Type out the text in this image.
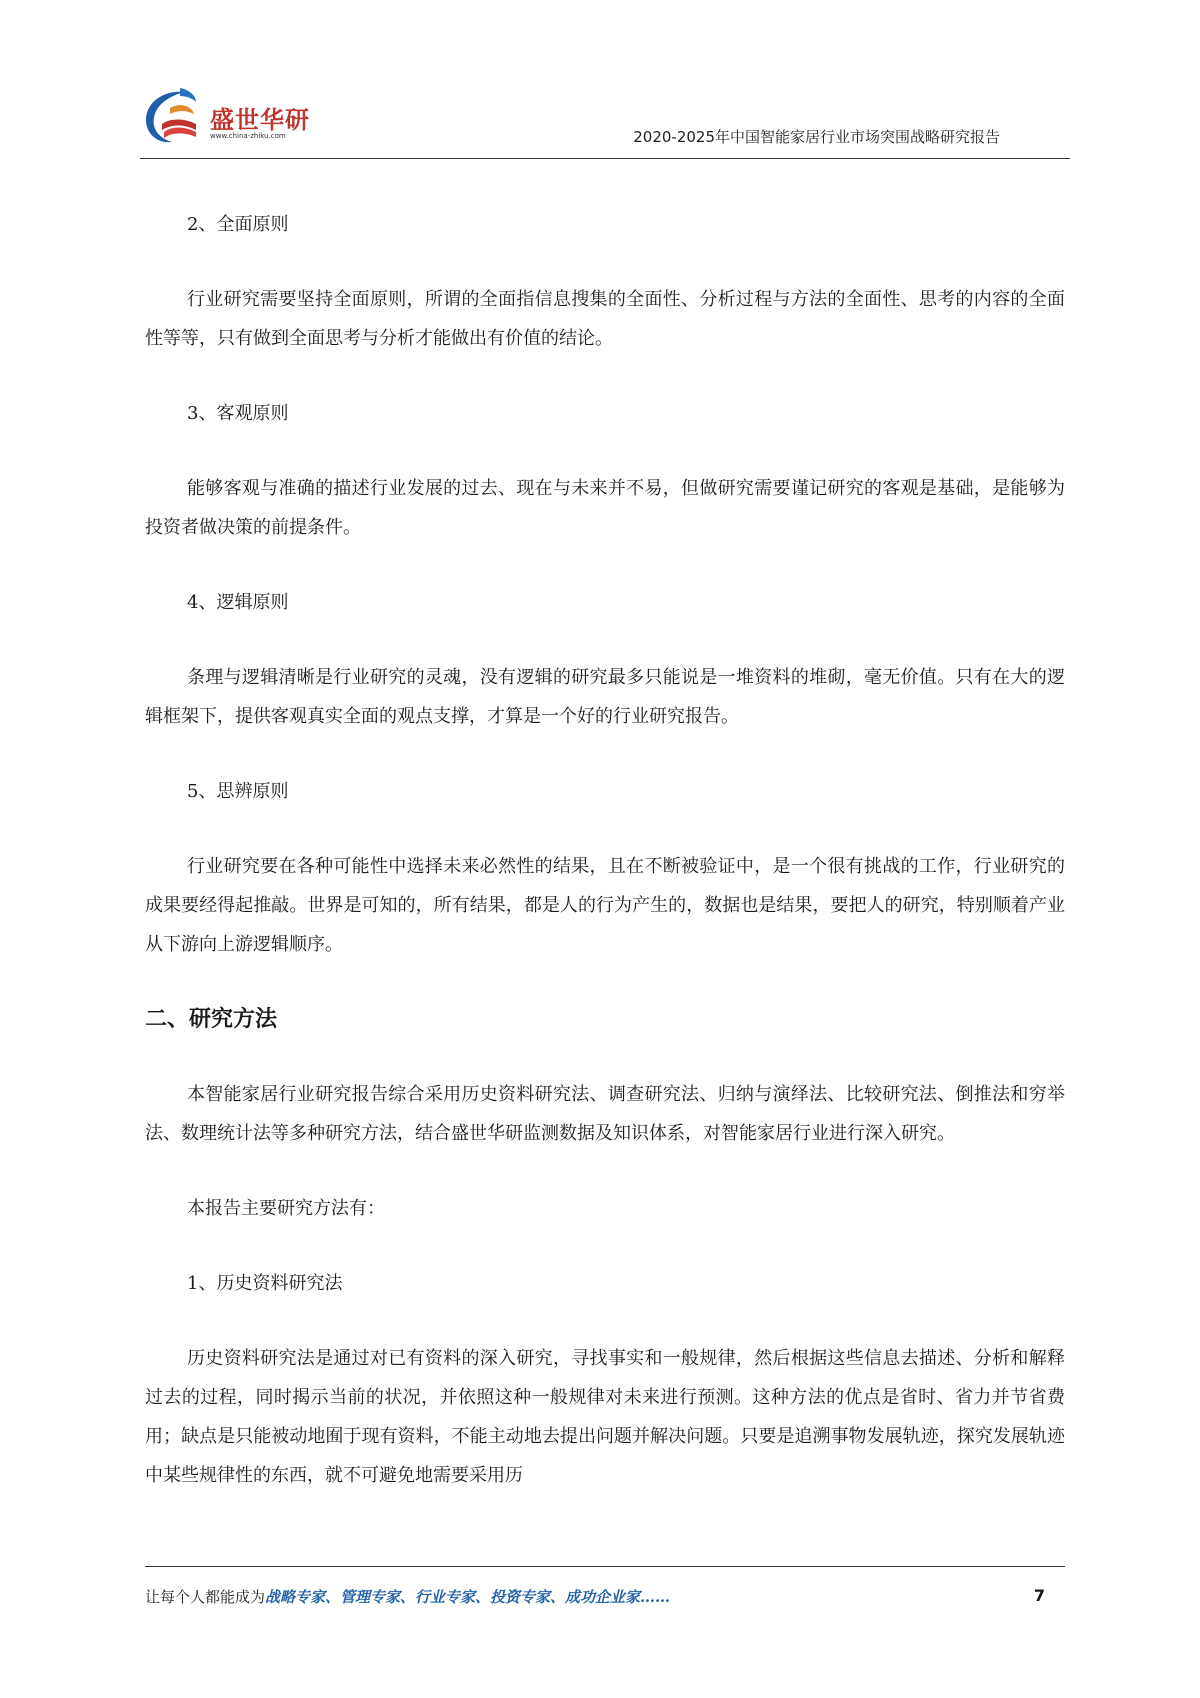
盛世华研
www.china-zhiku.com	2020-2025年中国智能家居行业市场突围战略研究报告

2、全面原则

行业研究需要坚持全面原则，所谓的全面指信息搜集的全面性、分析过程与方法的全面性、思考的内容的全面性等等，只有做到全面思考与分析才能做出有价值的结论。

3、客观原则

能够客观与准确的描述行业发展的过去、现在与未来并不易，但做研究需要谨记研究的客观是基础，是能够为投资者做决策的前提条件。

4、逻辑原则

条理与逻辑清晰是行业研究的灵魂，没有逻辑的研究最多只能说是一堆资料的堆砌，毫无价值。只有在大的逻辑框架下，提供客观真实全面的观点支撑，才算是一个好的行业研究报告。

5、思辨原则

行业研究要在各种可能性中选择未来必然性的结果，且在不断被验证中，是一个很有挑战的工作，行业研究的成果要经得起推敲。世界是可知的，所有结果，都是人的行为产生的，数据也是结果，要把人的研究，特别顺着产业从下游向上游逻辑顺序。

二、研究方法

本智能家居行业研究报告综合采用历史资料研究法、调查研究法、归纳与演绎法、比较研究法、倒推法和穷举法、数理统计法等多种研究方法，结合盛世华研监测数据及知识体系，对智能家居行业进行深入研究。

本报告主要研究方法有：

1、历史资料研究法

历史资料研究法是通过对已有资料的深入研究，寻找事实和一般规律，然后根据这些信息去描述、分析和解释过去的过程，同时揭示当前的状况，并依照这种一般规律对未来进行预测。这种方法的优点是省时、省力并节省费用；缺点是只能被动地囿于现有资料，不能主动地去提出问题并解决问题。只要是追溯事物发展轨迹，探究发展轨迹中某些规律性的东西，就不可避免地需要采用历

让每个人都能成为战略专家、管理专家、行业专家、投资专家、成功企业家……	7
